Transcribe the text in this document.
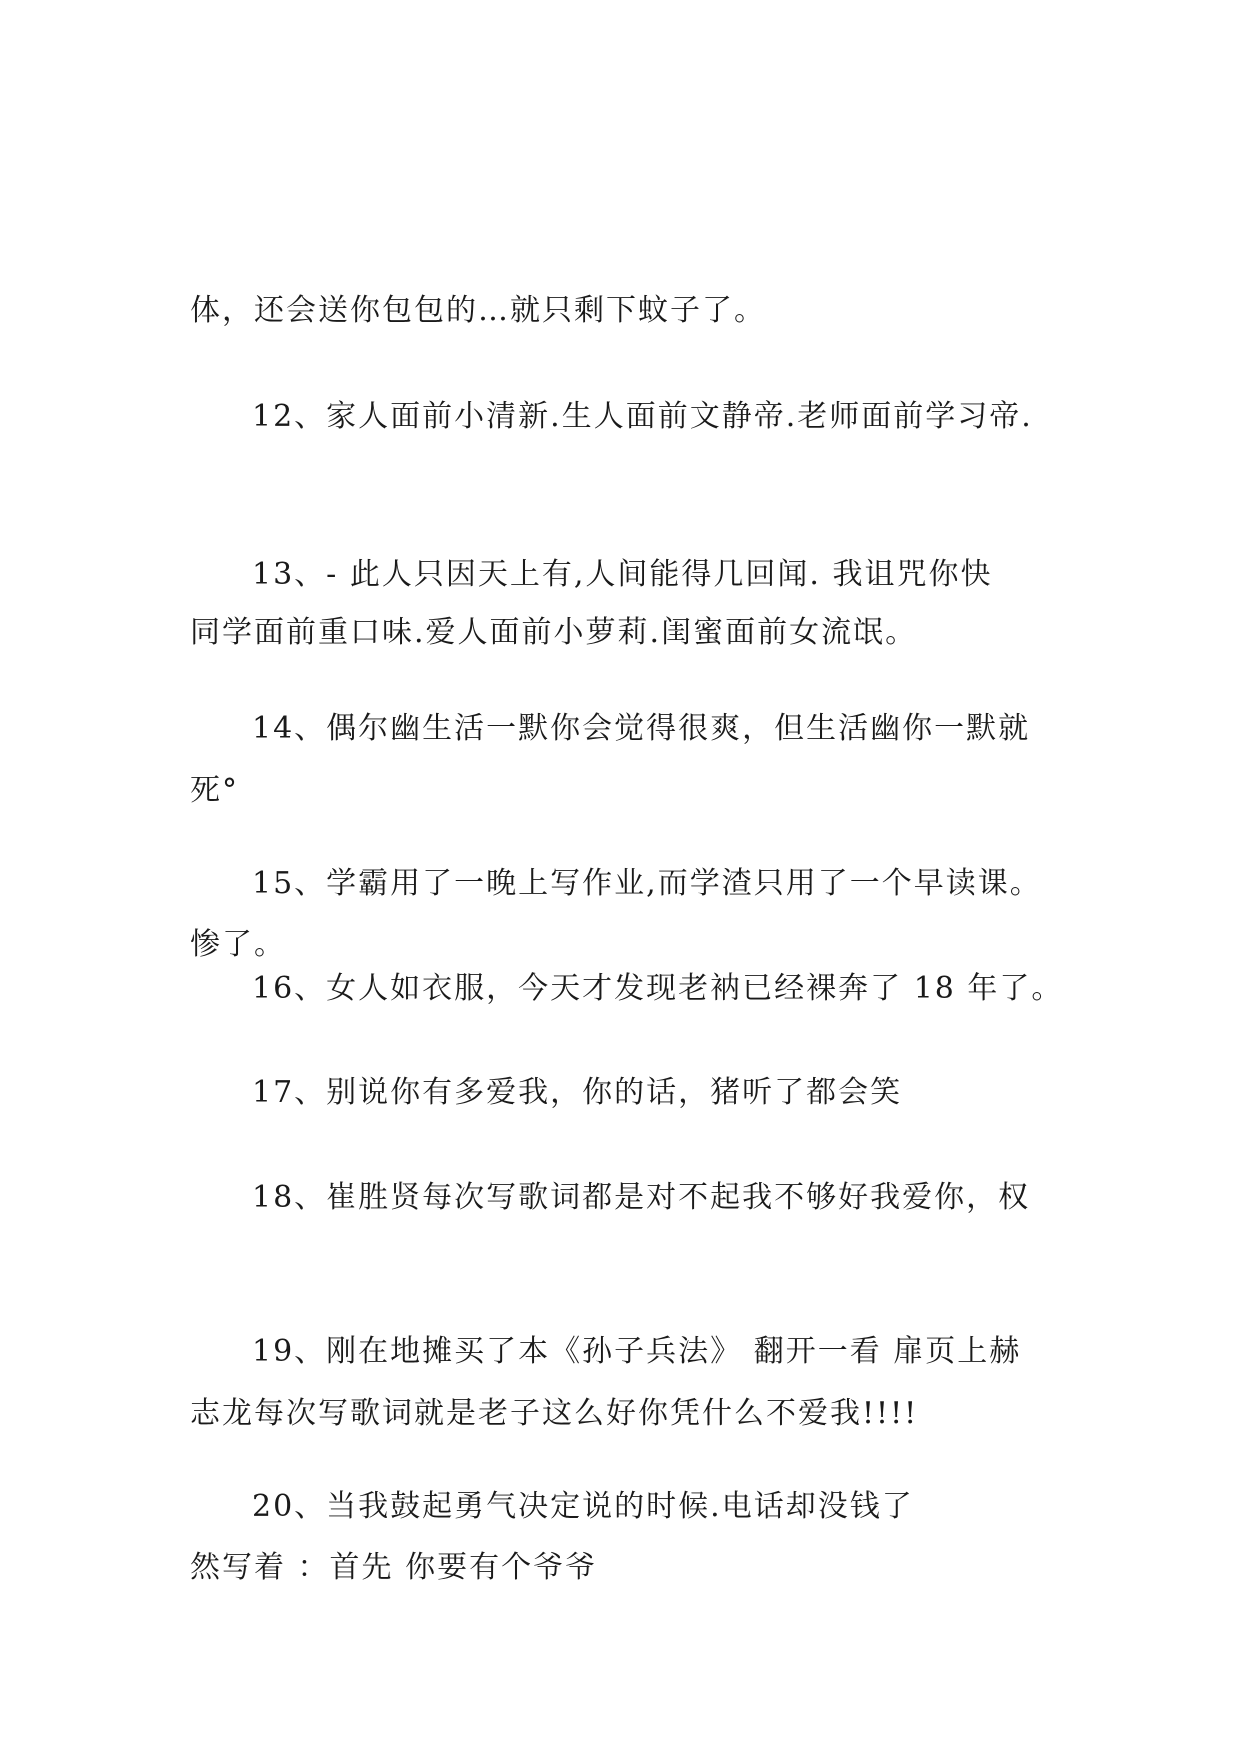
体，还会送你包包的…就只剩下蚊子了。

12、家人面前小清新.生人面前文静帝.老师面前学习帝.

同学面前重口味.爱人面前小萝莉.闺蜜面前女流氓。

13、- 此人只因天上有,人间能得几回闻. 我诅咒你快

死°

14、偶尔幽生活一默你会觉得很爽，但生活幽你一默就

惨了。

15、学霸用了一晚上写作业,而学渣只用了一个早读课。

16、女人如衣服，今天才发现老衲已经裸奔了 18 年了。

17、别说你有多爱我，你的话，猪听了都会笑

18、崔胜贤每次写歌词都是对不起我不够好我爱你，权

志龙每次写歌词就是老子这么好你凭什么不爱我!!!!

19、刚在地摊买了本《孙子兵法》 翻开一看 扉页上赫

然写着 ：首先 你要有个爷爷

20、当我鼓起勇气决定说的时候.电话却没钱了
